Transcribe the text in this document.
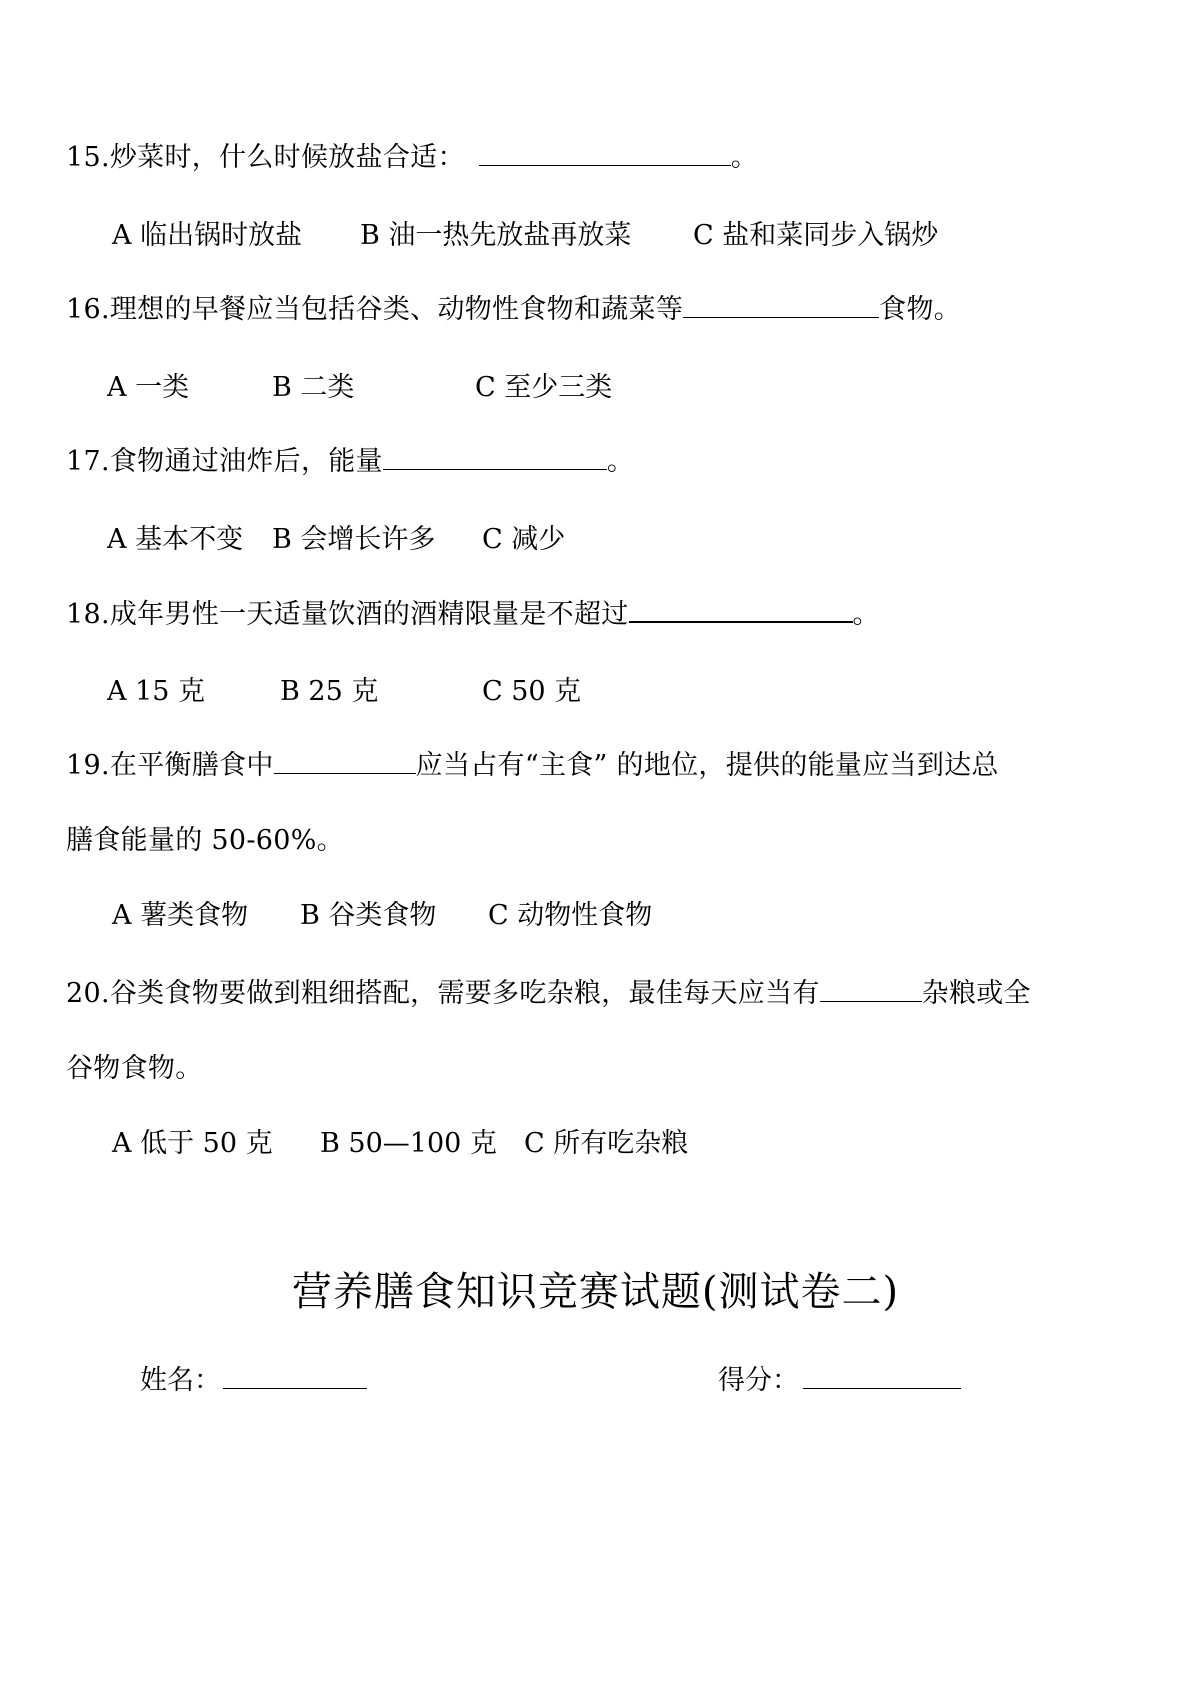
15.炒菜时，什么时候放盐合适：	。
A 临出锅时放盐 B 油一热先放盐再放菜 C 盐和菜同步入锅炒
16.理想的早餐应当包括谷类、动物性食物和蔬菜等	食物。
A 一类	B 二类	C 至少三类
17.食物通过油炸后，能量	。
A 基本不变 B 会增长许多 C 减少
18.成年男性一天适量饮酒的酒精限量是不超过	。
A 15 克	B 25 克	C 50 克
19.在平衡膳食中	应当占有“主食” 的地位，提供的能量应当到达总
膳食能量的 50-60%。
A 薯类食物 B 谷类食物 C 动物性食物
20.谷类食物要做到粗细搭配，需要多吃杂粮，最佳每天应当有	杂粮或全
谷物食物。
A 低于 50 克 B 50—100 克 C 所有吃杂粮
营养膳食知识竞赛试题(测试卷二)
姓名：	得分：
